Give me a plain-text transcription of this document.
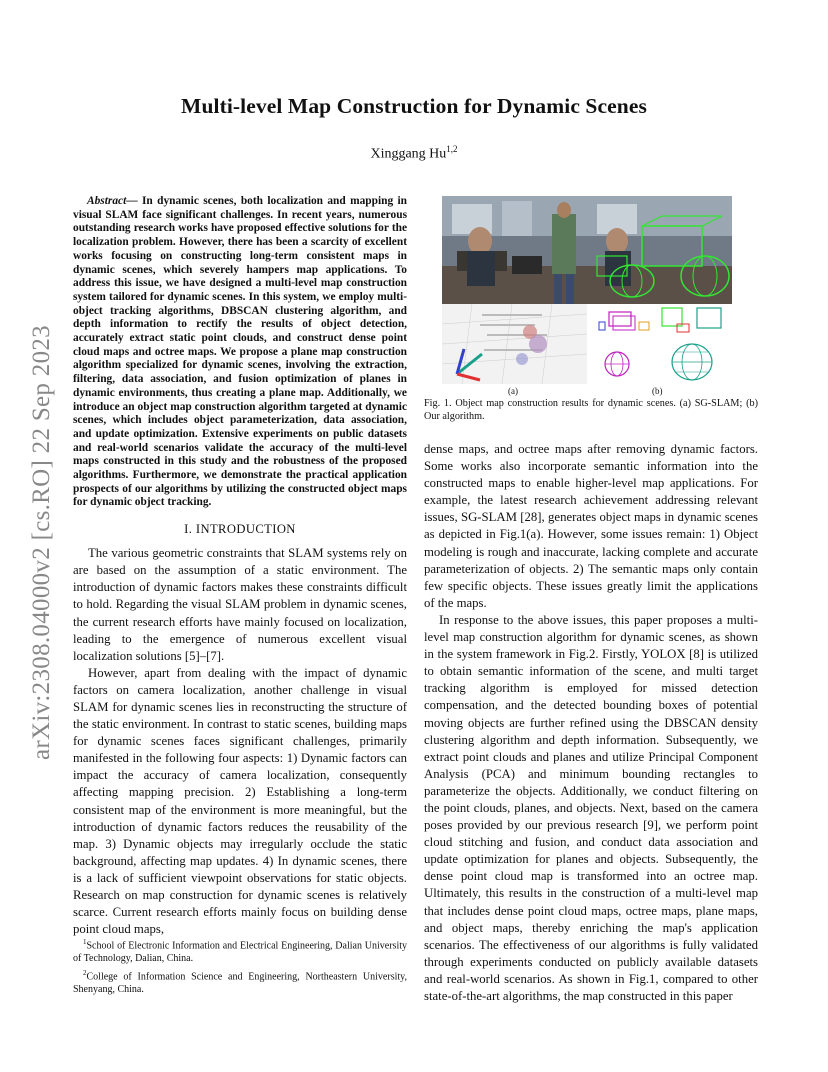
arXiv:2308.04000v2 [cs.RO] 22 Sep 2023
Multi-level Map Construction for Dynamic Scenes
Xinggang Hu$^{1,2}$

Abstract— In dynamic scenes, both localization and mapping in visual SLAM face significant challenges. In recent years, numerous outstanding research works have proposed effective solutions for the localization problem. However, there has been a scarcity of excellent works focusing on constructing long-term consistent maps in dynamic scenes, which severely hampers map applications. To address this issue, we have designed a multi-level map construction system tailored for dynamic scenes. In this system, we employ multi-object tracking algorithms, DBSCAN clustering algorithm, and depth information to rectify the results of object detection, accurately extract static point clouds, and construct dense point cloud maps and octree maps. We propose a plane map construction algorithm specialized for dynamic scenes, involving the extraction, filtering, data association, and fusion optimization of planes in dynamic environments, thus creating a plane map. Additionally, we introduce an object map construction algorithm targeted at dynamic scenes, which includes object parameterization, data association, and update optimization. Extensive experiments on public datasets and real-world scenarios validate the accuracy of the multi-level maps constructed in this study and the robustness of the proposed algorithms. Furthermore, we demonstrate the practical application prospects of our algorithms by utilizing the constructed object maps for dynamic object tracking.

I. INTRODUCTION

The various geometric constraints that SLAM systems rely on are based on the assumption of a static environment. The introduction of dynamic factors makes these constraints difficult to hold. Regarding the visual SLAM problem in dynamic scenes, the current research efforts have mainly focused on localization, leading to the emergence of numerous excellent visual localization solutions [5]–[7].

However, apart from dealing with the impact of dynamic factors on camera localization, another challenge in visual SLAM for dynamic scenes lies in reconstructing the structure of the static environment. In contrast to static scenes, building maps for dynamic scenes faces significant challenges, primarily manifested in the following four aspects: 1) Dynamic factors can impact the accuracy of camera localization, consequently affecting mapping precision. 2) Establishing a long-term consistent map of the environment is more meaningful, but the introduction of dynamic factors reduces the reusability of the map. 3) Dynamic objects may irregularly occlude the static background, affecting map updates. 4) In dynamic scenes, there is a lack of sufficient viewpoint observations for static objects. Research on map construction for dynamic scenes is relatively scarce. Current research efforts mainly focus on building dense point cloud maps,

$^1$School of Electronic Information and Electrical Engineering, Dalian University of Technology, Dalian, China.
$^2$College of Information Science and Engineering, Northeastern University, Shenyang, China.
(a)	(b)
Fig. 1. Object map construction results for dynamic scenes. (a) SG-SLAM; (b) Our algorithm.

dense maps, and octree maps after removing dynamic factors. Some works also incorporate semantic information into the constructed maps to enable higher-level map applications. For example, the latest research achievement addressing relevant issues, SG-SLAM [28], generates object maps in dynamic scenes as depicted in Fig.1(a). However, some issues remain: 1) Object modeling is rough and inaccurate, lacking complete and accurate parameterization of objects. 2) The semantic maps only contain few specific objects. These issues greatly limit the applications of the maps.

In response to the above issues, this paper proposes a multi-level map construction algorithm for dynamic scenes, as shown in the system framework in Fig.2. Firstly, YOLOX [8] is utilized to obtain semantic information of the scene, and multi target tracking algorithm is employed for missed detection compensation, and the detected bounding boxes of potential moving objects are further refined using the DBSCAN density clustering algorithm and depth information. Subsequently, we extract point clouds and planes and utilize Principal Component Analysis (PCA) and minimum bounding rectangles to parameterize the objects. Additionally, we conduct filtering on the point clouds, planes, and objects. Next, based on the camera poses provided by our previous research [9], we perform point cloud stitching and fusion, and conduct data association and update optimization for planes and objects. Subsequently, the dense point cloud map is transformed into an octree map. Ultimately, this results in the construction of a multi-level map that includes dense point cloud maps, octree maps, plane maps, and object maps, thereby enriching the map's application scenarios. The effectiveness of our algorithms is fully validated through experiments conducted on publicly available datasets and real-world scenarios. As shown in Fig.1, compared to other state-of-the-art algorithms, the map constructed in this paper
